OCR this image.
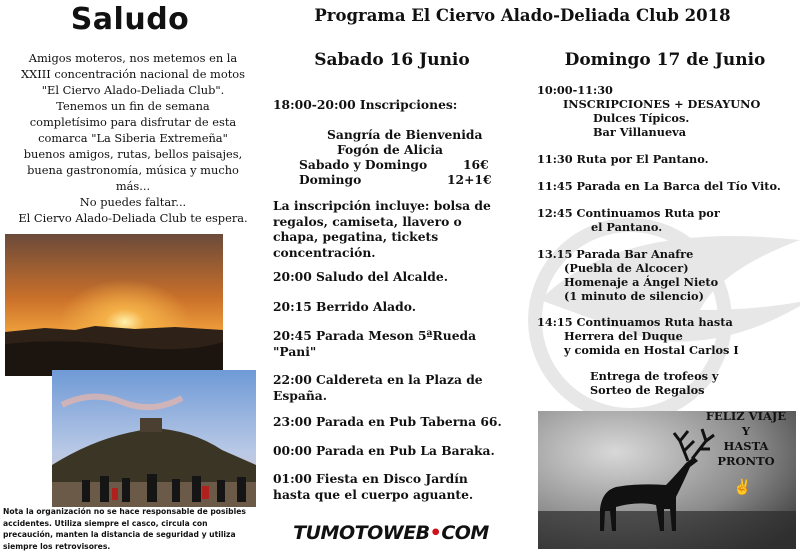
Saludo
Amigos moteros, nos metemos en la
XXIII concentración nacional de motos
"El Ciervo Alado-Deliada Club".
Tenemos un fin de semana
completísimo para disfrutar de esta
comarca "La Siberia Extremeña"
buenos amigos, rutas, bellos paisajes,
buena gastronomía, música y mucho
más...
No puedes faltar...
El Ciervo Alado-Deliada Club te espera.
Nota la organización no se hace responsable de posibles
accidentes. Utiliza siempre el casco, circula con
precaución, manten la distancia de seguridad y utiliza
siempre los retrovisores.
Programa El Ciervo Alado-Deliada Club 2018
Sabado 16 Junio
18:00-20:00 Inscripciones:
Sangría de Bienvenida
Fogón de Alicia
Sabado y Domingo	16€
Domingo	12+1€
La inscripción incluye: bolsa de
regalos, camiseta, llavero o
chapa, pegatina, tickets
concentración.
20:00 Saludo del Alcalde.
20:15 Berrido Alado.
20:45 Parada Meson 5ªRueda
"Pani"
22:00 Caldereta en la Plaza de
España.
23:00 Parada en Pub Taberna 66.
00:00 Parada en Pub La Baraka.
01:00 Fiesta en Disco Jardín
hasta que el cuerpo aguante.
TUMOTOWEB•COM
Domingo 17 de Junio
10:00-11:30
INSCRIPCIONES + DESAYUNO
Dulces Típicos.
Bar Villanueva
11:30 Ruta por El Pantano.
11:45 Parada en La Barca del Tío Vito.
12:45 Continuamos Ruta por
el Pantano.
13.15 Parada Bar Anafre
(Puebla de Alcocer)
Homenaje a Ángel Nieto
(1 minuto de silencio)
14:15 Continuamos Ruta hasta
Herrera del Duque
y comida en Hostal Carlos I
Entrega de trofeos y
Sorteo de Regalos
FELIZ VIAJE
Y
HASTA
PRONTO
✌
